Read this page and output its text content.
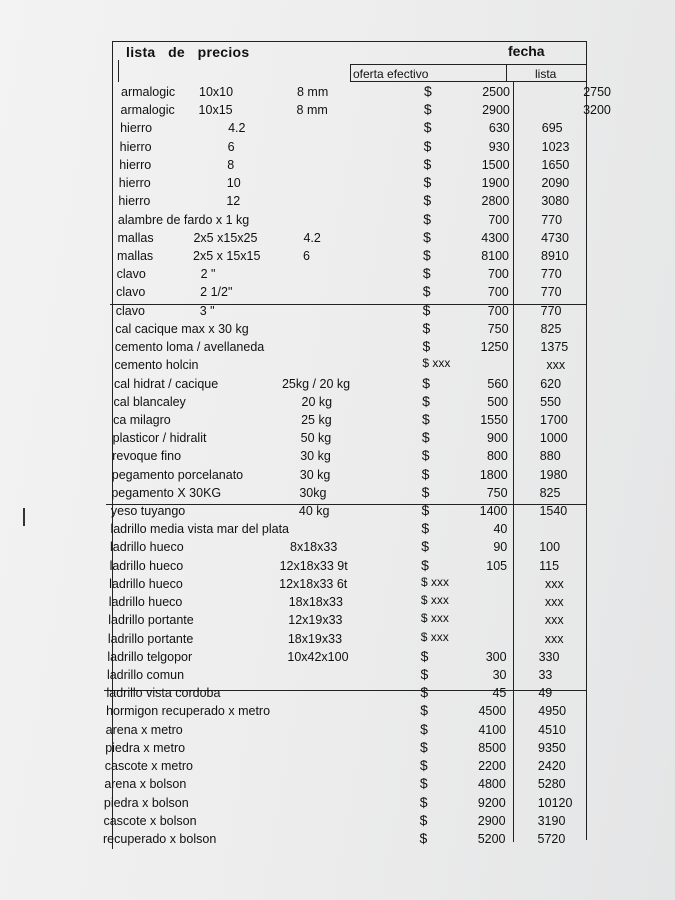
lista   de   precios	fecha
oferta efectivo	lista
armalogic 10x10	8 mm	$	2500	2750
armalogic 10x15	8 mm	$	2900	3200
hierro	4.2	$	630	695
hierro	6	$	930	1023
hierro	8	$	1500	1650
hierro	10	$	1900	2090
hierro	12	$	2800	3080
alambre de fardo x 1 kg	$	700	770
mallas	2x5 x15x25	4.2	$	4300	4730
mallas	2x5 x 15x15	6	$	8100	8910
clavo	2 "	$	700	770
clavo	2 1/2"	$	700	770
clavo	3 "	$	700	770
cal cacique max x 30 kg	$	750	825
cemento loma / avellaneda	$	1250	1375
cemento holcin	$ xxx	xxx
cal hidrat / cacique	25kg / 20 kg	$	560	620
cal blancaley	20 kg	$	500	550
ca milagro	25 kg	$	1550	1700
plasticor / hidralit	50 kg	$	900	1000
revoque fino	30 kg	$	800	880
pegamento porcelanato	30 kg	$	1800	1980
pegamento X 30KG	30kg	$	750	825
yeso tuyango	40 kg	$	1400	1540
ladrillo media vista mar del plata	$	40
ladrillo hueco	8x18x33	$	90	100
ladrillo hueco	12x18x33 9t	$	105	115
ladrillo hueco	12x18x33 6t	$ xxx	xxx
ladrillo hueco	18x18x33	$ xxx	xxx
ladrillo portante	12x19x33	$ xxx	xxx
ladrillo portante	18x19x33	$ xxx	xxx
ladrillo telgopor	10x42x100	$	300	330
ladrillo comun	$	30	33
ladrillo vista cordoba	$	45	49
hormigon recuperado x metro	$	4500	4950
arena x metro	$	4100	4510
piedra x metro	$	8500	9350
cascote x metro	$	2200	2420
arena x bolson	$	4800	5280
piedra x bolson	$	9200	10120
cascote x bolson	$	2900	3190
recuperado x bolson	$	5200	5720
